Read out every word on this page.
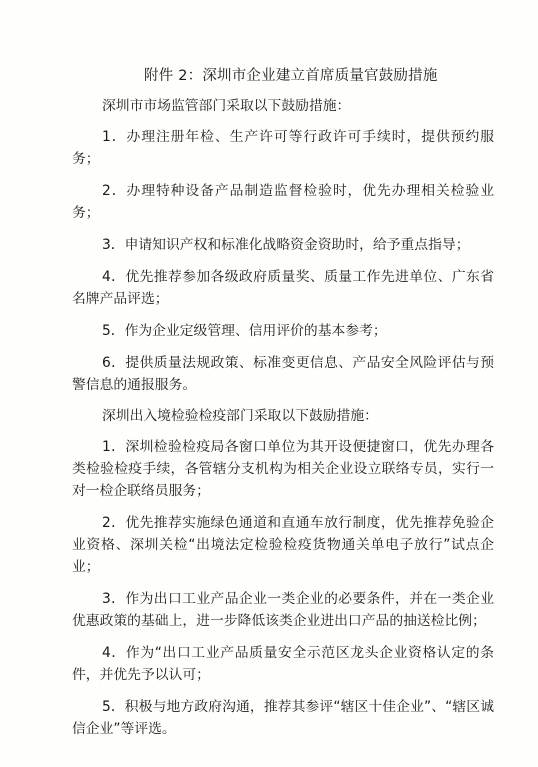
附件 2：深圳市企业建立首席质量官鼓励措施
深圳市市场监管部门采取以下鼓励措施：
1．办理注册年检、生产许可等行政许可手续时，提供预约服务；
2．办理特种设备产品制造监督检验时，优先办理相关检验业务；
3．申请知识产权和标准化战略资金资助时，给予重点指导；
4．优先推荐参加各级政府质量奖、质量工作先进单位、广东省名牌产品评选；
5．作为企业定级管理、信用评价的基本参考；
6．提供质量法规政策、标准变更信息、产品安全风险评估与预警信息的通报服务。
深圳出入境检验检疫部门采取以下鼓励措施：
1．深圳检验检疫局各窗口单位为其开设便捷窗口，优先办理各类检验检疫手续，各管辖分支机构为相关企业设立联络专员，实行一对一检企联络员服务；
2．优先推荐实施绿色通道和直通车放行制度，优先推荐免验企业资格、深圳关检“出境法定检验检疫货物通关单电子放行”试点企业；
3．作为出口工业产品企业一类企业的必要条件，并在一类企业优惠政策的基础上，进一步降低该类企业进出口产品的抽送检比例；
4．作为“出口工业产品质量安全示范区龙头企业资格认定的条件，并优先予以认可；
5．积极与地方政府沟通，推荐其参评“辖区十佳企业”、“辖区诚信企业”等评选。
